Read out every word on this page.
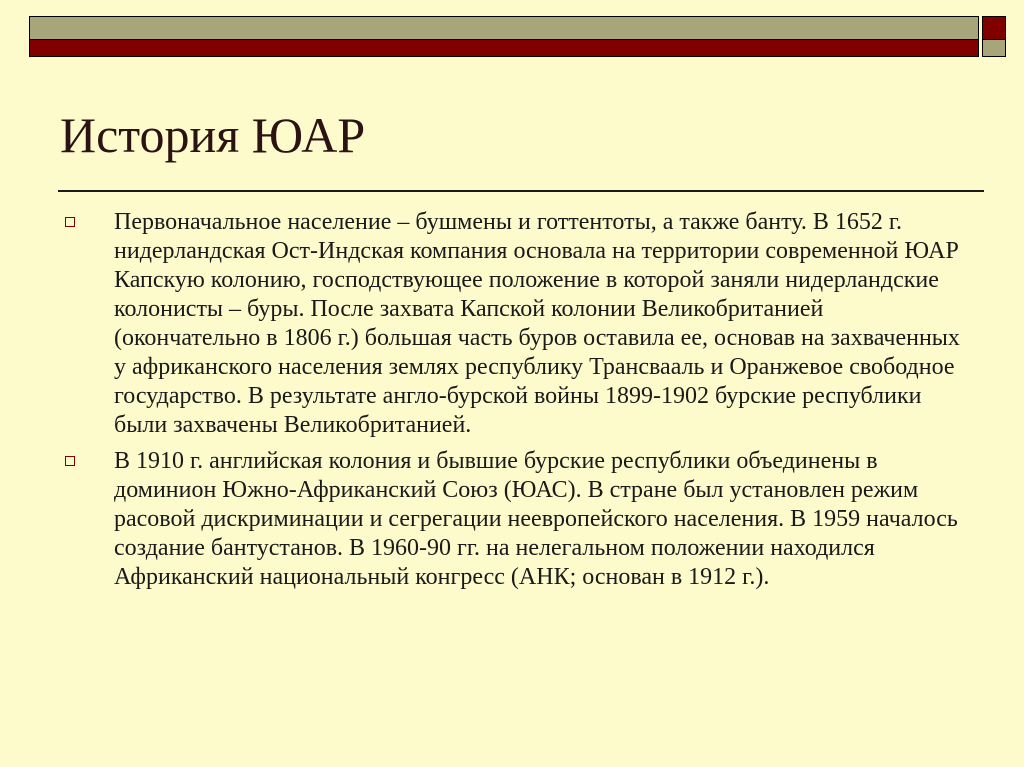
История ЮАР
Первоначальное население – бушмены и готтентоты, а также банту. В 1652 г. нидерландская Ост-Индская компания основала на территории современной ЮАР Капскую колонию, господствующее положение в которой заняли нидерландские колонисты – буры. После захвата Капской колонии Великобританией (окончательно в 1806 г.) большая часть буров оставила ее, основав на захваченных у африканского населения землях республику Трансвааль и Оранжевое свободное государство. В результате англо-бурской войны 1899-1902 бурские республики были захвачены Великобританией.
В 1910 г. английская колония и бывшие бурские республики объединены в доминион Южно-Африканский Союз (ЮАС). В стране был установлен режим расовой дискриминации и сегрегации неевропейского населения. В 1959 началось создание бантустанов. В 1960-90 гг. на нелегальном положении находился Африканский национальный конгресс (АНК; основан в 1912 г.).
